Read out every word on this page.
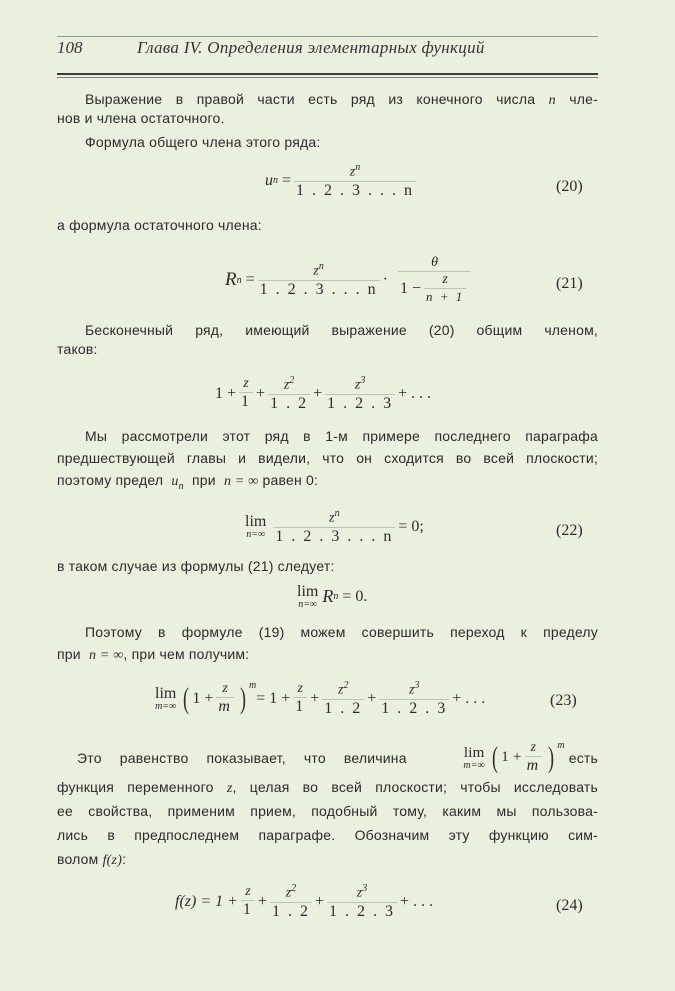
108	Глава IV. Определения элементарных функций
Выражение в правой части есть ряд из конечного числа n чле-
нов и члена остаточного.
Формула общего члена этого ряда:
u n
= $\frac{z^n}{1 . 2 . 3 . . . n}$	(20)
а формула остаточного члена:
R n
= $\frac{z^n}{1 . 2 . 3 . . . n} \cdot \frac{\theta}{1 - \frac{z}{n + 1}}$	(21)
Бесконечный ряд, имеющий выражение (20) общим членом,
таков:
1
+ $\frac{z}{1} + \frac{z^2}{1 . 2} + \frac{z^3}{1 . 2 . 3}$ + . . .
Мы рассмотрели этот ряд в 1-м примере последнего параграфа
предшествующей главы и видели, что он сходится во всей плоскости;
поэтому предел $u_n$ при n = ∞ равен 0:
lim
$n=\infty \frac{z^n}{1 . 2 . 3 . . . n} = 0$;	(22)
в таком случае из формулы (21) следует:
lim
n=∞ R n
= 0.
Поэтому в формуле (19) можем совершить переход к пределу
при n = ∞, при чем получим:
lim
m=∞ ( $1 + \frac{z}{m}$ ) $^m$
= $1 + \frac{z}{1} + \frac{z^2}{1 . 2} + \frac{z^3}{1 . 2 . 3}$ + . . .	(23)
Это равенство показывает, что величина	lim
m=∞ ( $1 + \frac{z}{m}$ ) $^m$

есть
функция переменного z, целая во всей плоскости; чтобы исследовать
ее свойства, применим прием, подобный тому, каким мы пользова-
лись в предпоследнем параграфе. Обозначим эту функцию сим-
волом f(z):
$f(z) = 1 + \frac{z}{1} + \frac{z^2}{1 . 2} + \frac{z^3}{1 . 2 . 3}$ + . . .	(24)
